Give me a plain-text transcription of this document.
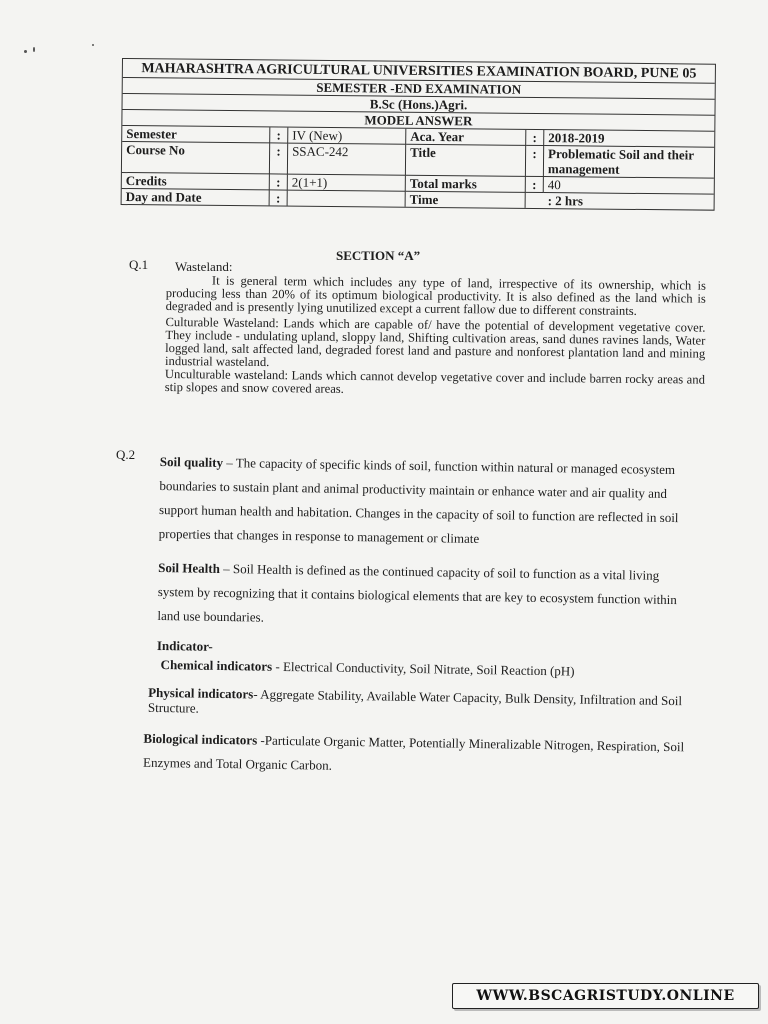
MAHARASHTRA AGRICULTURAL UNIVERSITIES EXAMINATION BOARD, PUNE 05
SEMESTER -END EXAMINATION
B.Sc (Hons.)Agri.
MODEL ANSWER
Semester	: IV (New)	Aca. Year	: 2018-2019
Course No	: SSAC-242	Title	: Problematic Soil and their management
Credits	: 2(1+1)	Total marks	: 40
Day and Date	:	Time	: 2 hrs
SECTION “A”
Q.1 Wasteland:

It is general term which includes any type of land, irrespective of its ownership, which is producing less than 20% of its optimum biological productivity. It is also defined as the land which is degraded and is presently lying unutilized except a current fallow due to different constraints.

Culturable Wasteland: Lands which are capable of/ have the potential of development vegetative cover. They include - undulating upland, sloppy land, Shifting cultivation areas, sand dunes ravines lands, Water logged land, salt affected land, degraded forest land and pasture and nonforest plantation land and mining industrial wasteland.

Unculturable wasteland: Lands which cannot develop vegetative cover and include barren rocky areas and stip slopes and snow covered areas.

Q.2 Soil quality – The capacity of specific kinds of soil, function within natural or managed ecosystem boundaries to sustain plant and animal productivity maintain or enhance water and air quality and support human health and habitation. Changes in the capacity of soil to function are reflected in soil properties that changes in response to management or climate

Soil Health – Soil Health is defined as the continued capacity of soil to function as a vital living system by recognizing that it contains biological elements that are key to ecosystem function within land use boundaries.

Indicator-

Chemical indicators - Electrical Conductivity, Soil Nitrate, Soil Reaction (pH)

Physical indicators- Aggregate Stability, Available Water Capacity, Bulk Density, Infiltration and Soil Structure.

Biological indicators -Particulate Organic Matter, Potentially Mineralizable Nitrogen, Respiration, Soil Enzymes and Total Organic Carbon.

WWW.BSCAGRISTUDY.ONLINE
